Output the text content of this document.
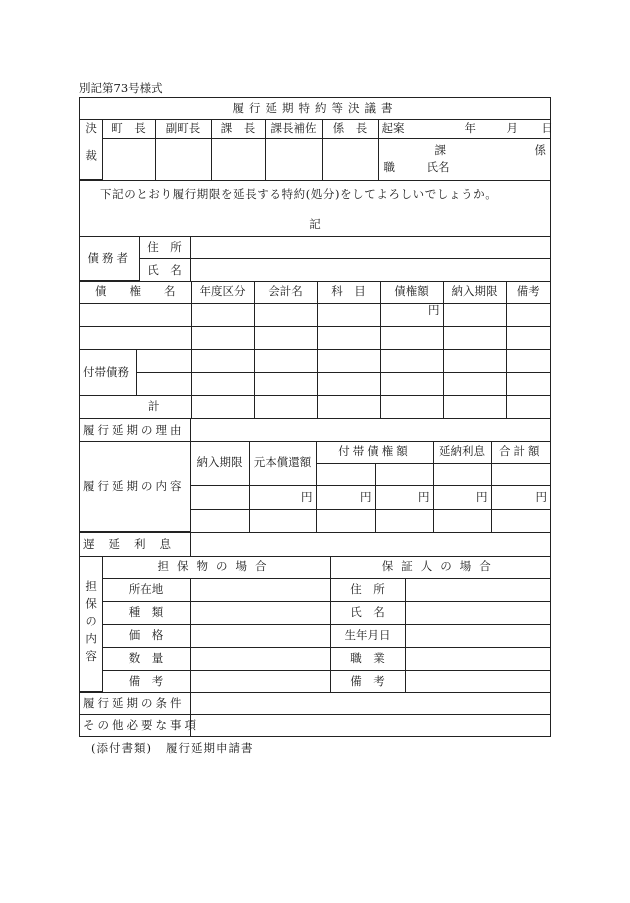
別記第73号様式
履行延期特約等決議書
決裁	町　長	副町長	課　長	課長補佐	係　長	起案 年 月 日

						課 係
職 氏名
下記のとおり履行期限を延長する特約(処分)をしてよろしいでしょうか。
記
債務者	住　所	
	氏　名	
債　　権　　名		年度区分	会計名	科　目	債権額	納入期限	備考
					円		

付帯債務							

計							
履行延期の理由	
履行延期の内容	納入期限	元本償還額	付帯債権額		延納利息	合計額

		円	円	円	円	円

遅延利息	
担保の内容	担保物の場合		保証人の場合	
	所在地		住　所	
	種　類		氏　名	
	価　格		生年月日	
	数　量		職　業	
	備　考		備　考	
履行延期の条件	
その他必要な事項	
(添付書類) 履行延期申請書
